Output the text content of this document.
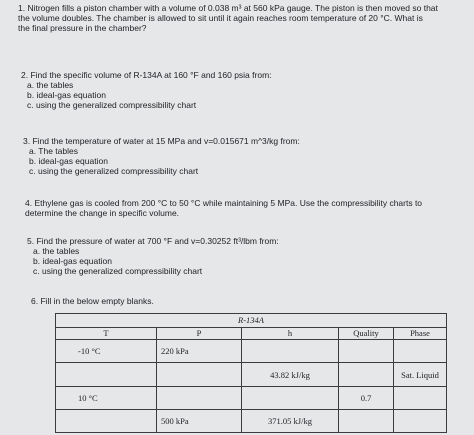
1. Nitrogen fills a piston chamber with a volume of 0.038 m³ at 560 kPa gauge. The piston is then moved so that
the volume doubles. The chamber is allowed to sit until it again reaches room temperature of 20 °C. What is
the final pressure in the chamber?
2. Find the specific volume of R-134A at 160 °F and 160 psia from:
a. the tables
b. ideal-gas equation
c. using the generalized compressibility chart
3. Find the temperature of water at 15 MPa and v=0.015671 m^3/kg from:
a. The tables
b. ideal-gas equation
c. using the generalized compressibility chart
4. Ethylene gas is cooled from 200 °C to 50 °C while maintaining 5 MPa. Use the compressibility charts to
determine the change in specific volume.
5. Find the pressure of water at 700 °F and v=0.30252 ft³/lbm from:
a. the tables
b. ideal-gas equation
c. using the generalized compressibility chart
6. Fill in the below empty blanks.
R-134A				
T	P	h	Quality	Phase
-10 °C	220 kPa			
		43.82 kJ/kg		Sat. Liquid
10 °C			0.7	
	500 kPa	371.05 kJ/kg		
